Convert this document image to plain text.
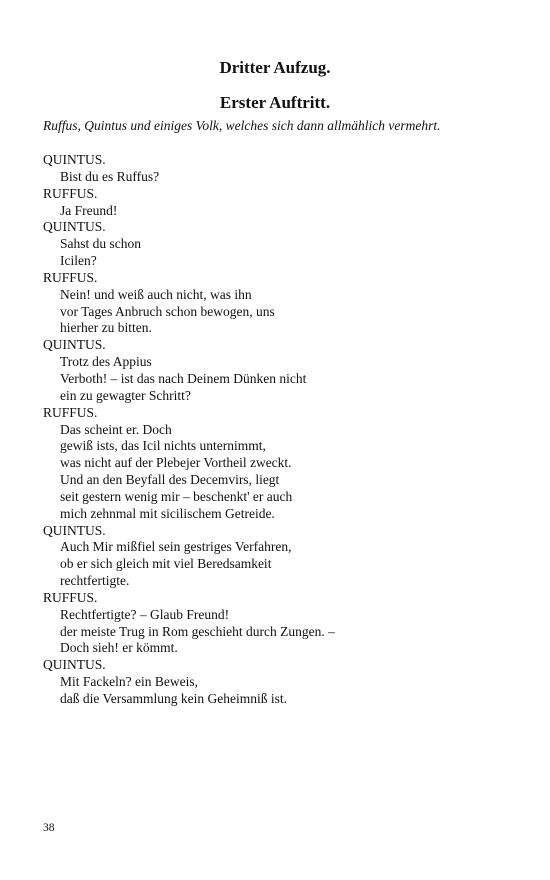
Dritter Aufzug.
Erster Auftritt.

Ruffus, Quintus und einiges Volk, welches sich dann allmählich vermehrt.

QUINTUS.
Bist du es Ruffus?
RUFFUS.
Ja Freund!
QUINTUS.
Sahst du schon
Icilen?
RUFFUS.
Nein! und weiß auch nicht, was ihn
vor Tages Anbruch schon bewogen, uns
hierher zu bitten.
QUINTUS.
Trotz des Appius
Verboth! – ist das nach Deinem Dünken nicht
ein zu gewagter Schritt?
RUFFUS.
Das scheint er. Doch
gewiß ists, das Icil nichts unternimmt,
was nicht auf der Plebejer Vortheil zweckt.
Und an den Beyfall des Decemvirs, liegt
seit gestern wenig mir – beschenkt' er auch
mich zehnmal mit sicilischem Getreide.
QUINTUS.
Auch Mir mißfiel sein gestriges Verfahren,
ob er sich gleich mit viel Beredsamkeit
rechtfertigte.
RUFFUS.
Rechtfertigte? – Glaub Freund!
der meiste Trug in Rom geschieht durch Zungen. –
Doch sieh! er kömmt.
QUINTUS.
Mit Fackeln? ein Beweis,
daß die Versammlung kein Geheimniß ist.
38
